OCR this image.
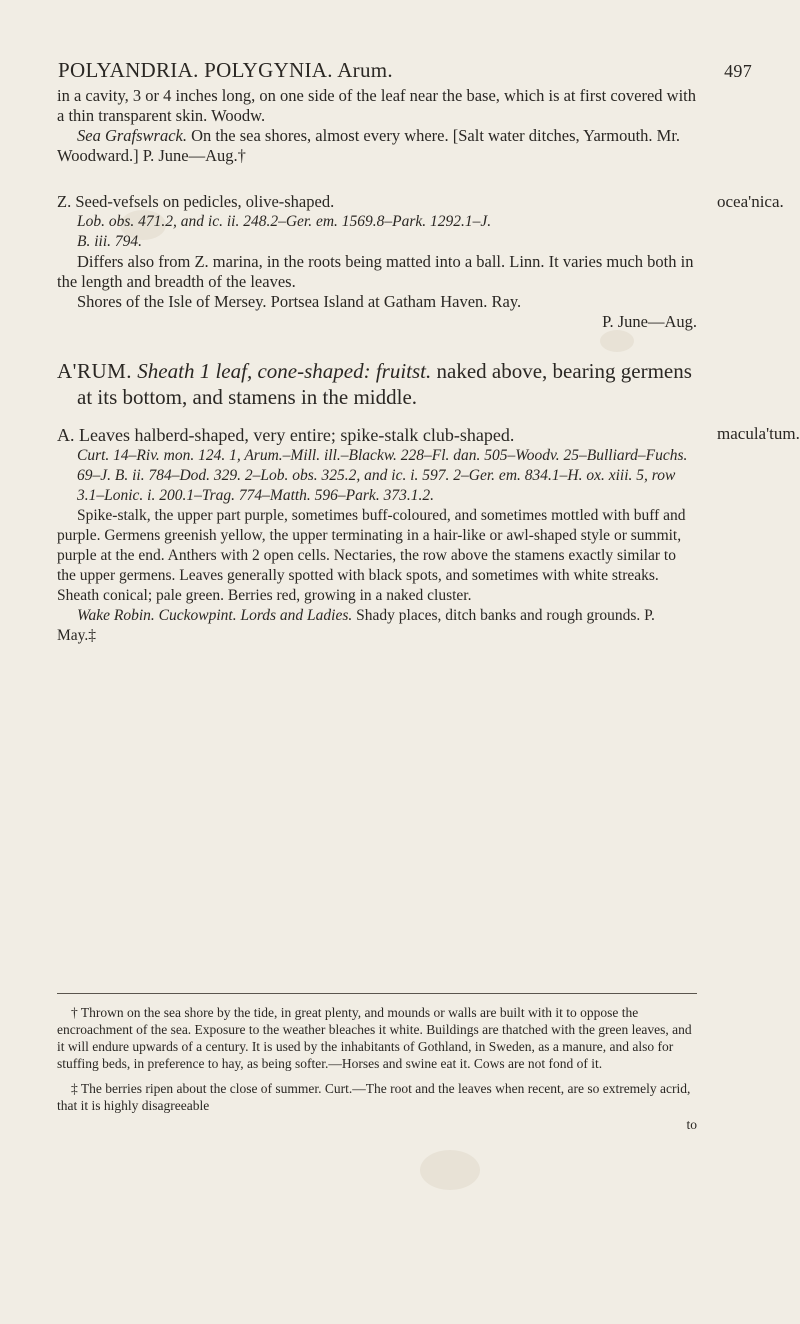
POLYANDRIA. POLYGYNIA. Arum.	497

in a cavity, 3 or 4 inches long, on one side of the leaf near the base, which is at first covered with a thin transparent skin. Woodw.

Sea Grafswrack. On the sea shores, almost every where. [Salt water ditches, Yarmouth. Mr. Woodward.] P. June—Aug.†

Z. Seed-vefsels on pedicles, olive-shaped.	ocea'nica.

Lob. obs. 471.2, and ic. ii. 248.2–Ger. em. 1569.8–Park. 1292.1–J.

B. iii. 794.

Differs also from Z. marina, in the roots being matted into a ball. Linn. It varies much both in the length and breadth of the leaves.

Shores of the Isle of Mersey. Portsea Island at Gatham Haven. Ray.

P. June—Aug.

A'RUM. Sheath 1 leaf, cone-shaped: fruitst. naked above, bearing germens at its bottom, and stamens in the middle.

A. Leaves halberd-shaped, very entire; spike-stalk club-shaped.	macula'tum.

Curt. 14–Riv. mon. 124. 1, Arum.–Mill. ill.–Blackw. 228–Fl. dan. 505–Woodv. 25–Bulliard–Fuchs. 69–J. B. ii. 784–Dod. 329. 2–Lob. obs. 325.2, and ic. i. 597. 2–Ger. em. 834.1–H. ox. xiii. 5, row 3.1–Lonic. i. 200.1–Trag. 774–Matth. 596–Park. 373.1.2.

Spike-stalk, the upper part purple, sometimes buff-coloured, and sometimes mottled with buff and purple. Germens greenish yellow, the upper terminating in a hair-like or awl-shaped style or summit, purple at the end. Anthers with 2 open cells. Nectaries, the row above the stamens exactly similar to the upper germens. Leaves generally spotted with black spots, and sometimes with white streaks. Sheath conical; pale green. Berries red, growing in a naked cluster.

Wake Robin. Cuckowpint. Lords and Ladies. Shady places, ditch banks and rough grounds. P. May.‡

† Thrown on the sea shore by the tide, in great plenty, and mounds or walls are built with it to oppose the encroachment of the sea. Exposure to the weather bleaches it white. Buildings are thatched with the green leaves, and it will endure upwards of a century. It is used by the inhabitants of Gothland, in Sweden, as a manure, and also for stuffing beds, in preference to hay, as being softer.—Horses and swine eat it. Cows are not fond of it.

‡ The berries ripen about the close of summer. Curt.—The root and the leaves when recent, are so extremely acrid, that it is highly disagreeable

to
